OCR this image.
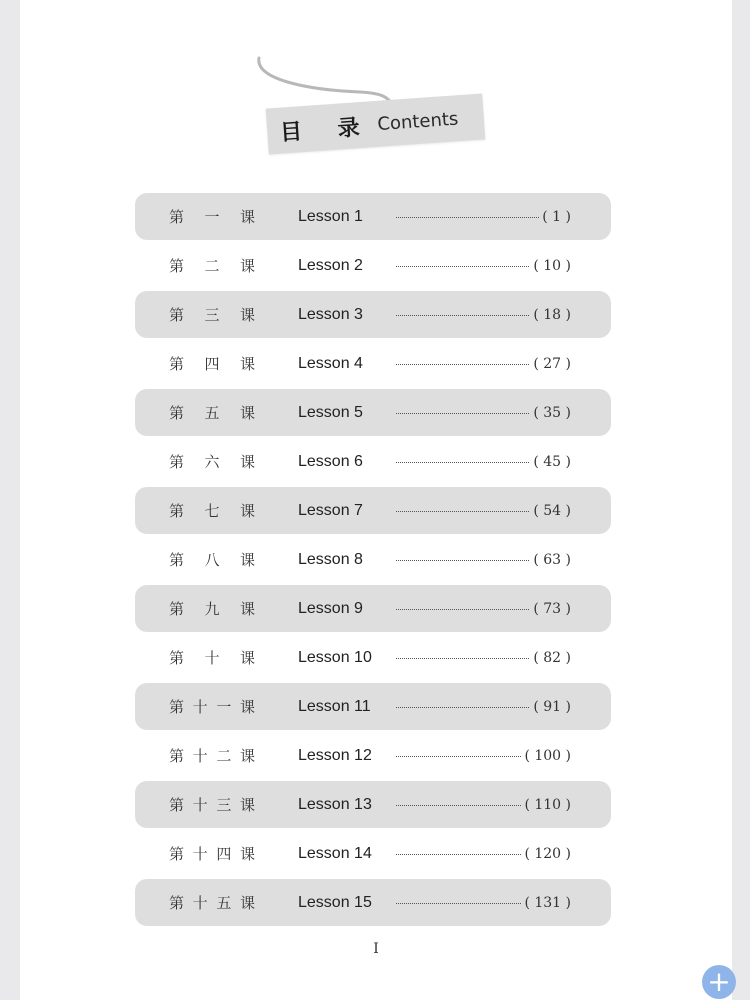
目 录 Contents
第 一 课	Lesson 1	( 1 )
第 二 课	Lesson 2	( 10 )
第 三 课	Lesson 3	( 18 )
第 四 课	Lesson 4	( 27 )
第 五 课	Lesson 5	( 35 )
第 六 课	Lesson 6	( 45 )
第 七 课	Lesson 7	( 54 )
第 八 课	Lesson 8	( 63 )
第 九 课	Lesson 9	( 73 )
第 十 课	Lesson 10	( 82 )
第 十 一 课	Lesson 11	( 91 )
第 十 二 课	Lesson 12	( 100 )
第 十 三 课	Lesson 13	( 110 )
第 十 四 课	Lesson 14	( 120 )
第 十 五 课	Lesson 15	( 131 )
I
+
